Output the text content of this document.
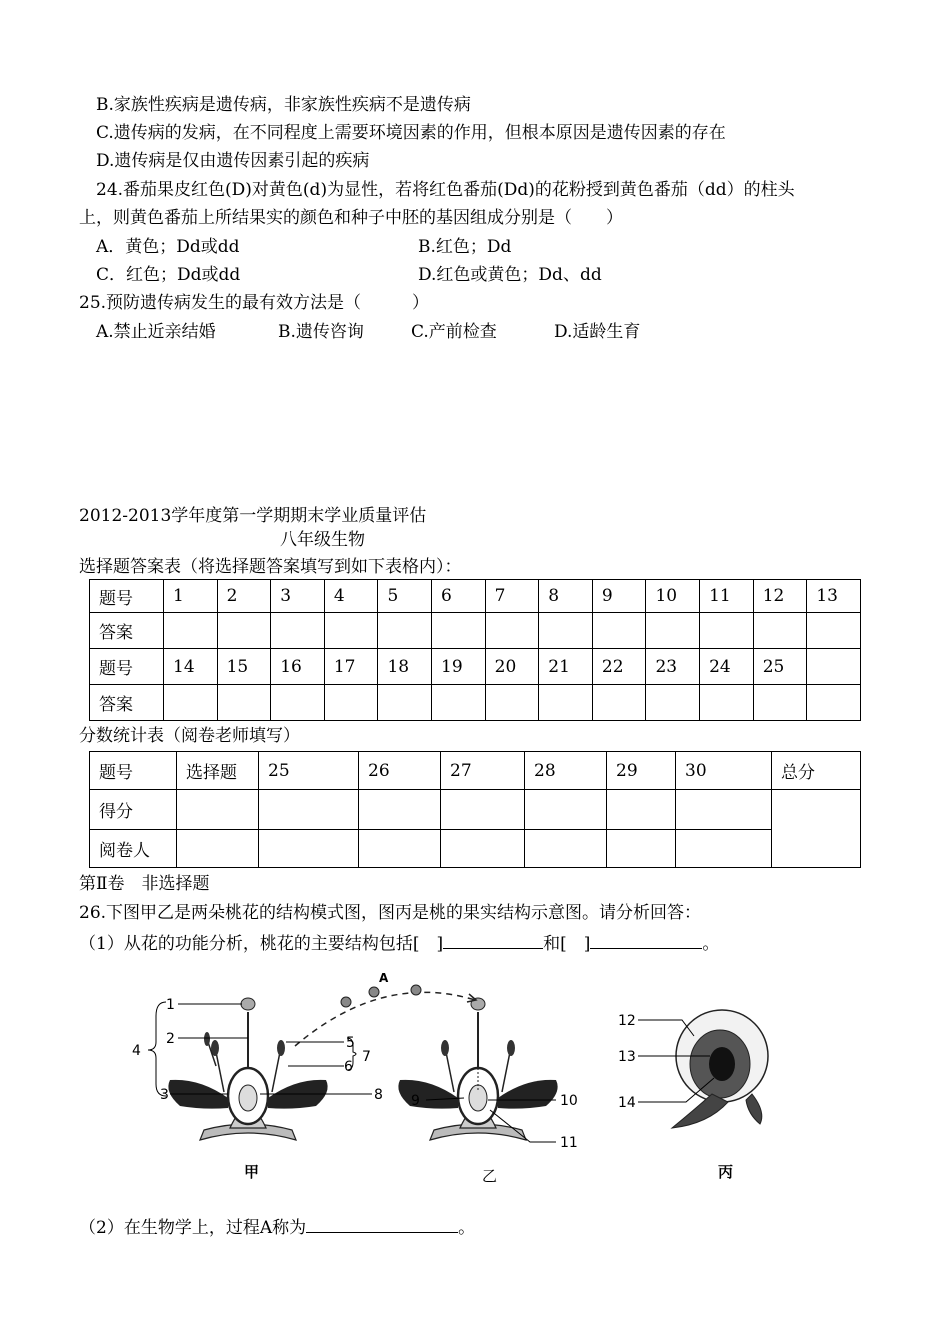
B.家族性疾病是遗传病，非家族性疾病不是遗传病
C.遗传病的发病，在不同程度上需要环境因素的作用，但根本原因是遗传因素的存在
D.遗传病是仅由遗传因素引起的疾病
24.番茄果皮红色(D)对黄色(d)为显性，若将红色番茄(Dd)的花粉授到黄色番茄（dd）的柱头
上，则黄色番茄上所结果实的颜色和种子中胚的基因组成分别是（　　）
A．黄色；Dd或dd	B.红色；Dd
C．红色；Dd或dd	D.红色或黄色；Dd、dd
25.预防遗传病发生的最有效方法是（　　　）
A.禁止近亲结婚	B.遗传咨询	C.产前检查	D.适龄生育
2012-2013学年度第一学期期末学业质量评估
八年级生物
选择题答案表（将选择题答案填写到如下表格内）：
题号	1	2	3	4	5	6	7	8	9	10	11	12	13
答案													
题号	14	15	16	17	18	19	20	21	22	23	24	25	
答案													
分数统计表（阅卷老师填写）
题号	选择题	25	26	27	28	29	30	总分
得分								
阅卷人								
第Ⅱ卷　非选择题
26.下图甲乙是两朵桃花的结构模式图，图丙是桃的果实结构示意图。请分析回答：
（1）从花的功能分析，桃花的主要结构包括[　]	和[　]	。
1
2
3
4	5
6
7
8 9	10
11
12
13
14
A
甲	乙	丙
（2）在生物学上，过程A称为	。
